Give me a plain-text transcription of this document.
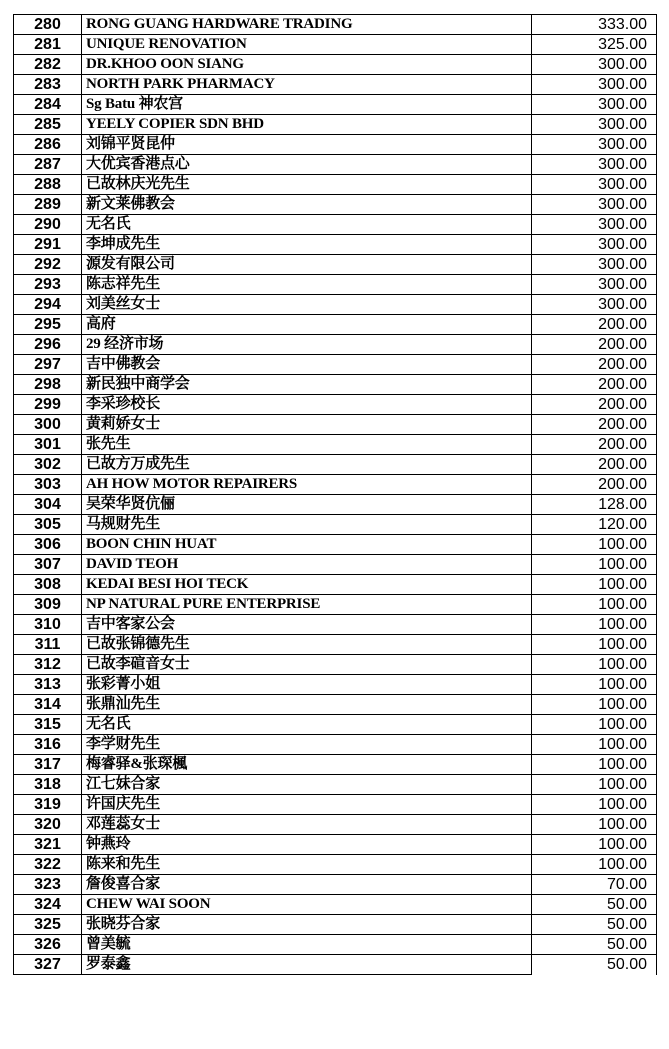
280	RONG GUANG HARDWARE TRADING	333.00
281	UNIQUE RENOVATION	325.00
282	DR.KHOO OON SIANG	300.00
283	NORTH PARK PHARMACY	300.00
284	Sg Batu 神农宫	300.00
285	YEELY COPIER SDN BHD	300.00
286	刘锦平贤昆仲	300.00
287	大优宾香港点心	300.00
288	已故林庆光先生	300.00
289	新文莱佛教会	300.00
290	无名氏	300.00
291	李坤成先生	300.00
292	源发有限公司	300.00
293	陈志祥先生	300.00
294	刘美丝女士	300.00
295	高府	200.00
296	29 经济市场	200.00
297	吉中佛教会	200.00
298	新民独中商学会	200.00
299	李采珍校长	200.00
300	黄莉娇女士	200.00
301	张先生	200.00
302	已故方万成先生	200.00
303	AH HOW MOTOR REPAIRERS	200.00
304	吴荣华贤伉俪	128.00
305	马规财先生	120.00
306	BOON CHIN HUAT	100.00
307	DAVID TEOH	100.00
308	KEDAI BESI HOI TECK	100.00
309	NP NATURAL PURE ENTERPRISE	100.00
310	吉中客家公会	100.00
311	已故张锦德先生	100.00
312	已故李碹音女士	100.00
313	张彩菁小姐	100.00
314	张鼎汕先生	100.00
315	无名氏	100.00
316	李学财先生	100.00
317	梅睿驿&张琛楓	100.00
318	江七妹合家	100.00
319	许国庆先生	100.00
320	邓莲蕊女士	100.00
321	钟燕玲	100.00
322	陈来和先生	100.00
323	詹俊喜合家	70.00
324	CHEW WAI SOON	50.00
325	张晓芬合家	50.00
326	曾美毓	50.00
327	罗泰鑫	50.00
